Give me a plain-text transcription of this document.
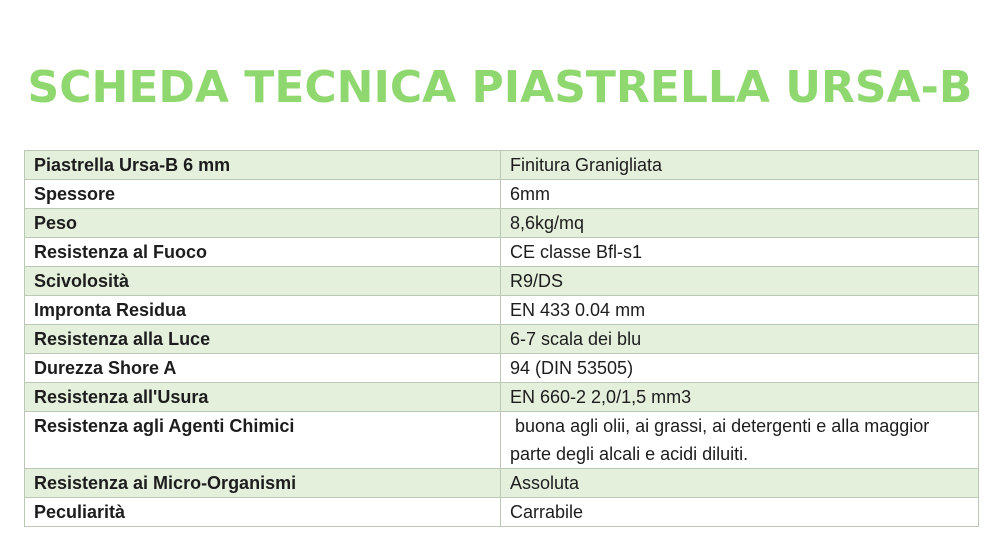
SCHEDA TECNICA PIASTRELLA URSA-B
Piastrella Ursa-B 6 mm	Finitura Granigliata
Spessore	6mm
Peso	8,6kg/mq
Resistenza al Fuoco	CE classe Bfl-s1
Scivolosità	R9/DS
Impronta Residua	EN 433 0.04 mm
Resistenza alla Luce	6-7 scala dei blu
Durezza Shore A	94 (DIN 53505)
Resistenza all'Usura	EN 660-2 2,0/1,5 mm3
Resistenza agli Agenti Chimici	buona agli olii, ai grassi, ai detergenti e alla maggior parte degli alcali e acidi diluiti.
Resistenza ai Micro-Organismi	Assoluta
Peculiarità	Carrabile
